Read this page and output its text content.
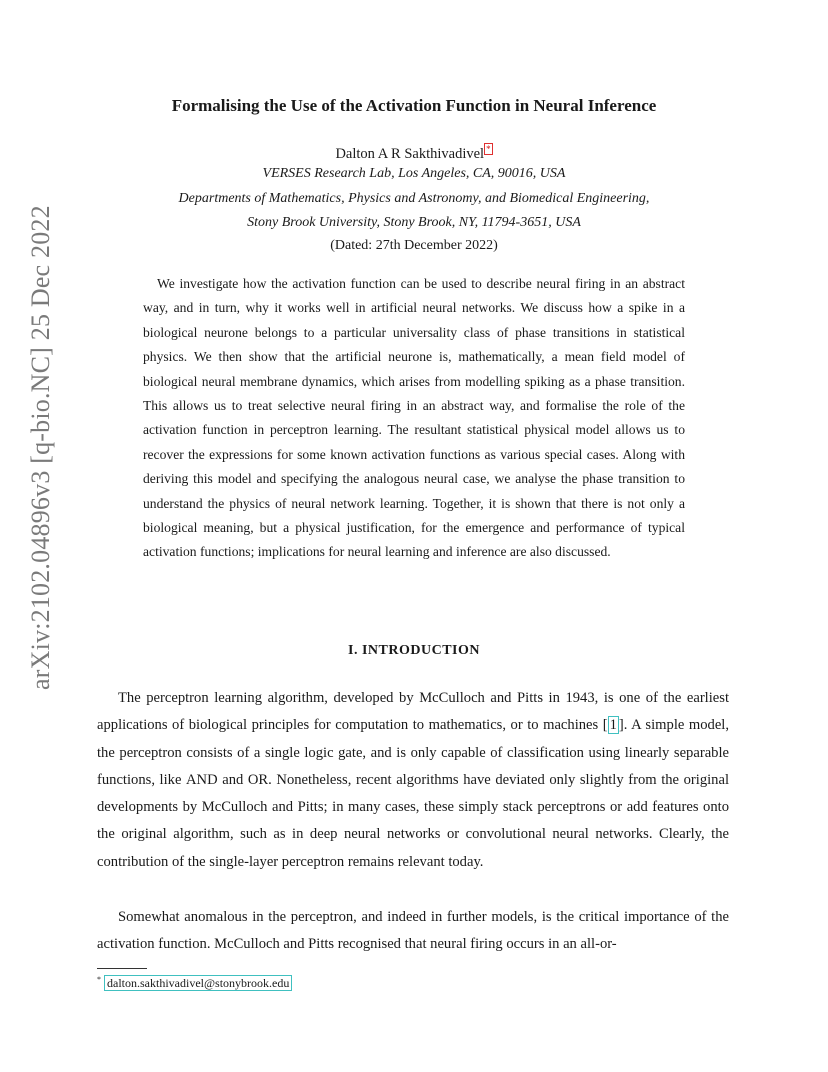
arXiv:2102.04896v3 [q-bio.NC] 25 Dec 2022
Formalising the Use of the Activation Function in Neural Inference
Dalton A R Sakthivadivel *
VERSES Research Lab, Los Angeles, CA, 90016, USA
Departments of Mathematics, Physics and Astronomy, and Biomedical Engineering,
Stony Brook University, Stony Brook, NY, 11794-3651, USA
(Dated: 27th December 2022)

We investigate how the activation function can be used to describe neural firing in an abstract way, and in turn, why it works well in artificial neural networks. We discuss how a spike in a biological neurone belongs to a particular universality class of phase transitions in statistical physics. We then show that the artificial neurone is, mathematically, a mean field model of biological neural membrane dynamics, which arises from modelling spiking as a phase transition. This allows us to treat selective neural firing in an abstract way, and formalise the role of the activation function in perceptron learning. The resultant statistical physical model allows us to recover the expressions for some known activation functions as various special cases. Along with deriving this model and specifying the analogous neural case, we analyse the phase transition to understand the physics of neural network learning. Together, it is shown that there is not only a biological meaning, but a physical justification, for the emergence and performance of typical activation functions; implications for neural learning and inference are also discussed.

I. INTRODUCTION

The perceptron learning algorithm, developed by McCulloch and Pitts in 1943, is one of the earliest applications of biological principles for computation to mathematics, or to machines [ 1 ]. A simple model, the perceptron consists of a single logic gate, and is only capable of classification using linearly separable functions, like AND and OR. Nonetheless, recent algorithms have deviated only slightly from the original developments by McCulloch and Pitts; in many cases, these simply stack perceptrons or add features onto the original algorithm, such as in deep neural networks or convolutional neural networks. Clearly, the contribution of the single-layer perceptron remains relevant today.

Somewhat anomalous in the perceptron, and indeed in further models, is the critical importance of the activation function. McCulloch and Pitts recognised that neural firing occurs in an all-or-

* dalton.sakthivadivel@stonybrook.edu
